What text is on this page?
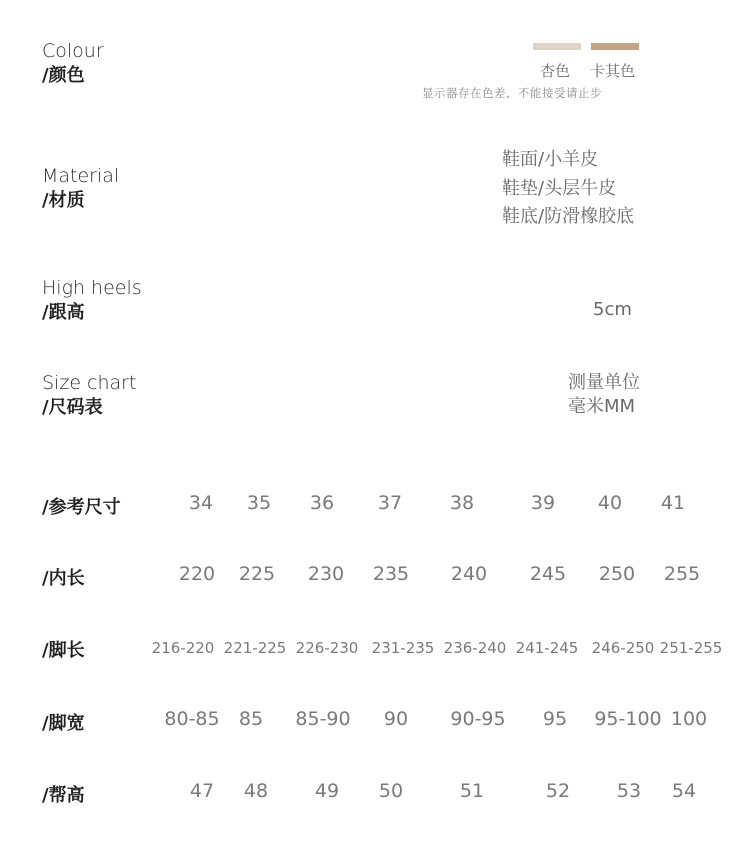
Colour
/颜色	杏色 卡其色
显示器存在色差，不能接受请止步
Material
/材质
鞋面/小羊皮
鞋垫/头层牛皮
鞋底/防滑橡胶底
High heels
/跟高	5cm
Size chart
/尺码表
测量单位
毫米MM
/参考尺寸	34 35 36 37	38	39 40 41
/内长	220 225 230 235 240 245 250 255
/脚长	216-220 221-225 226-230 231-235 236-240 241-245 246-250 251-255
/脚宽	80-85 85 85-90 90 90-95 95 95-100 100
/帮高	47 48 49 50	51	52 53 54
